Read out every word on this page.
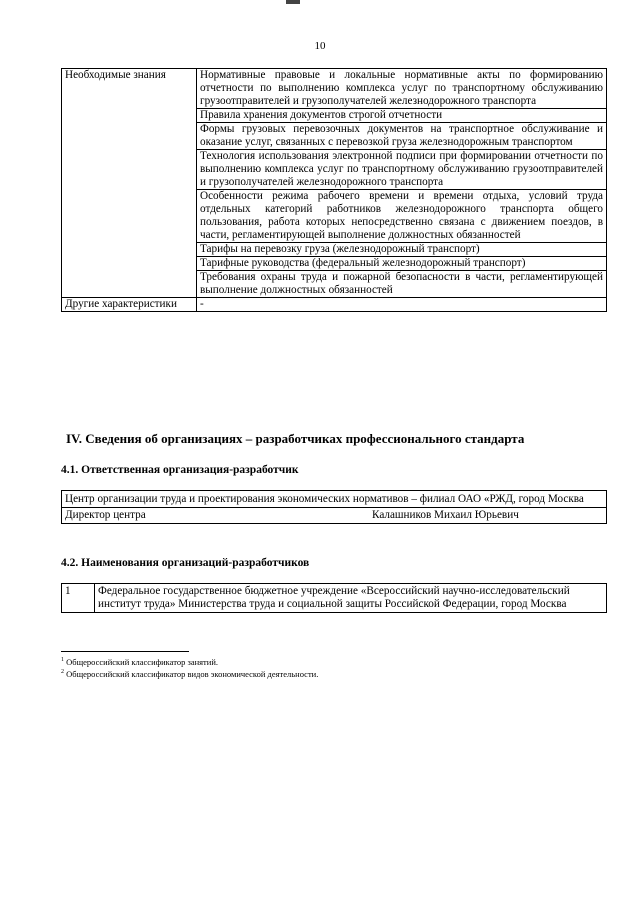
10
Необходимые знания	Нормативные правовые и локальные нормативные акты по формированию отчетности по выполнению комплекса услуг по транспортному обслуживанию грузоотправителей и грузополучателей железнодорожного транспорта
	Правила хранения документов строгой отчетности
	Формы грузовых перевозочных документов на транспортное обслуживание и оказание услуг, связанных с перевозкой груза железнодорожным транспортом
	Технология использования электронной подписи при формировании отчетности по выполнению комплекса услуг по транспортному обслуживанию грузоотправителей и грузополучателей железнодорожного транспорта
	Особенности режима рабочего времени и времени отдыха, условий труда отдельных категорий работников железнодорожного транспорта общего пользования, работа которых непосредственно связана с движением поездов, в части, регламентирующей выполнение должностных обязанностей
	Тарифы на перевозку груза (железнодорожный транспорт)
	Тарифные руководства (федеральный железнодорожный транспорт)
	Требования охраны труда и пожарной безопасности в части, регламентирующей выполнение должностных обязанностей
Другие характеристики	-
IV. Сведения об организациях – разработчиках профессионального стандарта
4.1. Ответственная организация-разработчик
Центр организации труда и проектирования экономических нормативов – филиал ОАО «РЖД, город Москва
Директор центра	Калашников Михаил Юрьевич
4.2. Наименования организаций-разработчиков
1	Федеральное государственное бюджетное учреждение «Всероссийский научно-исследовательский институт труда» Министерства труда и социальной защиты Российской Федерации, город Москва
$^1$ Общероссийский классификатор занятий.
$^2$ Общероссийский классификатор видов экономической деятельности.
